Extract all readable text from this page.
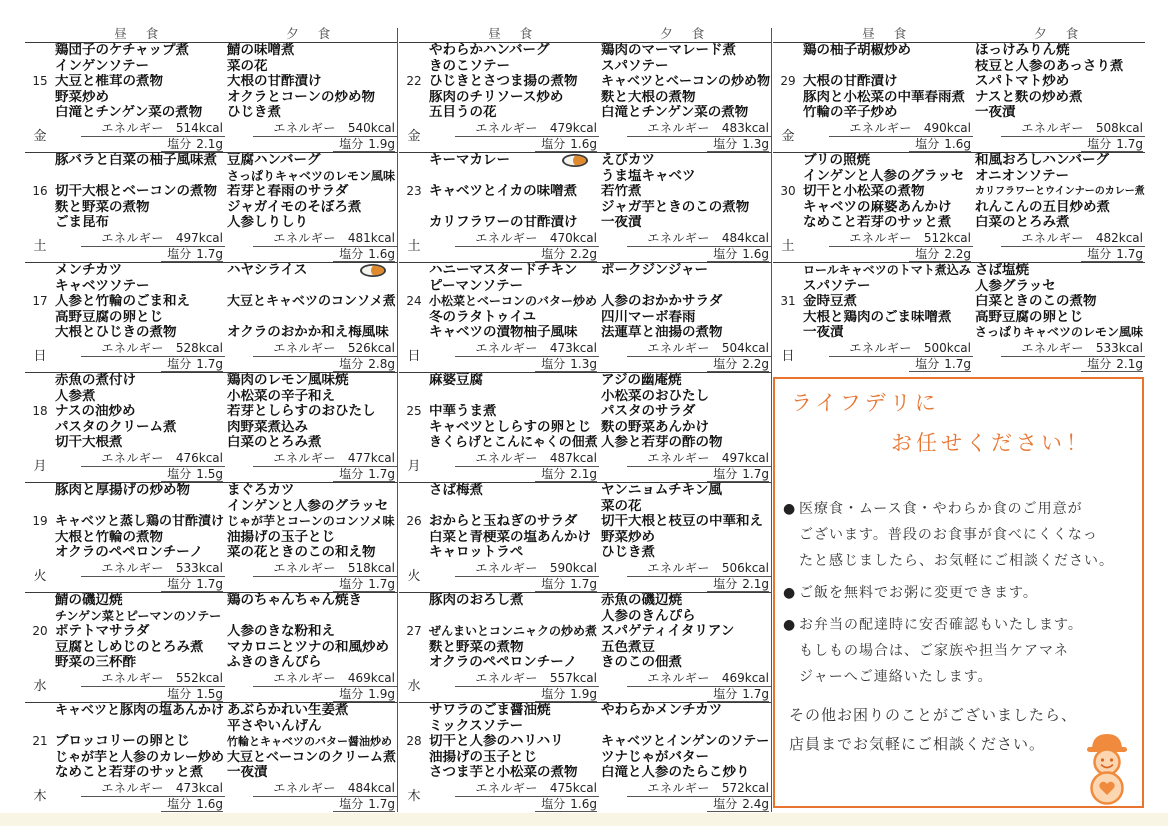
昼 食	夕 食
15
金
鶏団子のケチャップ煮
インゲンソテー
大豆と椎茸の煮物
野菜炒め
白滝とチンゲン菜の煮物
エネルギー 514kcal
塩分 2.1g
鯖の味噌煮
菜の花
大根の甘酢漬け
オクラとコーンの炒め物
ひじき煮
エネルギー 540kcal
塩分 1.9g
16
土
豚バラと白菜の柚子風味煮
切干大根とベーコンの煮物
麩と野菜の煮物
ごま昆布
エネルギー 497kcal
塩分 1.7g
豆腐ハンバーグ
さっぱりキャベツのレモン風味
若芽と春雨のサラダ
ジャガイモのそぼろ煮
人参しりしり
エネルギー 481kcal
塩分 1.6g
17
日
メンチカツ
キャベツソテー
人参と竹輪のごま和え
高野豆腐の卵とじ
大根とひじきの煮物
エネルギー 528kcal
塩分 1.7g
ハヤシライス
大豆とキャベツのコンソメ煮
オクラのおかか和え梅風味
エネルギー 526kcal
塩分 2.8g
18
月
赤魚の煮付け
人参煮
ナスの油炒め
パスタのクリーム煮
切干大根煮
エネルギー 476kcal
塩分 1.5g
鶏肉のレモン風味焼
小松菜の辛子和え
若芽としらすのおひたし
肉野菜煮込み
白菜のとろみ煮
エネルギー 477kcal
塩分 1.7g
19
火
豚肉と厚揚げの炒め物
キャベツと蒸し鶏の甘酢漬け
大根と竹輪の煮物
オクラのペペロンチーノ
エネルギー 533kcal
塩分 1.7g
まぐろカツ
インゲンと人参のグラッセ
じゃが芋とコーンのコンソメ味
油揚げの玉子とじ
菜の花ときのこの和え物
エネルギー 518kcal
塩分 1.7g
20
水
鯖の磯辺焼
チンゲン菜とピーマンのソテー
ポテトマサラダ
豆腐としめじのとろみ煮
野菜の三杯酢
エネルギー 552kcal
塩分 1.5g
鶏のちゃんちゃん焼き
人参のきな粉和え
マカロニとツナの和風炒め
ふきのきんぴら
エネルギー 469kcal
塩分 1.9g
21
木
キャベツと豚肉の塩あんかけ
ブロッコリーの卵とじ
じゃが芋と人参のカレー炒め
なめこと若芽のサッと煮
エネルギー 473kcal
塩分 1.6g
あぶらかれい生姜煮
平さやいんげん
竹輪とキャベツのバター醤油炒め
大豆とベーコンのクリーム煮
一夜漬
エネルギー 484kcal
塩分 1.7g
昼 食	夕 食
22
金
やわらかハンバーグ
きのこソテー
ひじきとさつま揚の煮物
豚肉のチリソース炒め
五目うの花
エネルギー 479kcal
塩分 1.6g
鶏肉のマーマレード煮
スパソテー
キャベツとベーコンの炒め物
麩と大根の煮物
白滝とチンゲン菜の煮物
エネルギー 483kcal
塩分 1.3g
23
土
キーマカレー
キャベツとイカの味噌煮
カリフラワーの甘酢漬け
エネルギー 470kcal
塩分 2.2g
えびカツ
うま塩キャベツ
若竹煮
ジャガ芋ときのこの煮物
一夜漬
エネルギー 484kcal
塩分 1.6g
24
日
ハニーマスタードチキン
ピーマンソテー
小松菜とベーコンのバター炒め
冬のラタトゥイユ
キャベツの漬物柚子風味
エネルギー 473kcal
塩分 1.3g
ポークジンジャー
人参のおかかサラダ
四川マーボ春雨
法蓮草と油揚の煮物
エネルギー 504kcal
塩分 2.2g
25
月
麻婆豆腐
中華うま煮
キャベツとしらすの卵とじ
きくらげとこんにゃくの佃煮
エネルギー 487kcal
塩分 2.1g
アジの幽庵焼
小松菜のおひたし
パスタのサラダ
麩の野菜あんかけ
人参と若芽の酢の物
エネルギー 497kcal
塩分 1.7g
26
火
さば梅煮
おからと玉ねぎのサラダ
白菜と青梗菜の塩あんかけ
キャロットラペ
エネルギー 590kcal
塩分 1.7g
ヤンニョムチキン風
菜の花
切干大根と枝豆の中華和え
野菜炒め
ひじき煮
エネルギー 506kcal
塩分 2.1g
27
水
豚肉のおろし煮
ぜんまいとコンニャクの炒め煮
麩と野菜の煮物
オクラのペペロンチーノ
エネルギー 557kcal
塩分 1.9g
赤魚の磯辺焼
人参のきんぴら
スパゲティイタリアン
五色煮豆
きのこの佃煮
エネルギー 469kcal
塩分 1.7g
28
木
サワラのごま醤油焼
ミックスソテー
切干と人参のハリハリ
油揚げの玉子とじ
さつま芋と小松菜の煮物
エネルギー 475kcal
塩分 1.6g
やわらかメンチカツ
キャベツとインゲンのソテー
ツナじゃがバター
白滝と人参のたらこ炒り
エネルギー 572kcal
塩分 2.4g
昼 食	夕 食
29
金
鶏の柚子胡椒炒め
大根の甘酢漬け
豚肉と小松菜の中華春雨煮
竹輪の辛子炒め
エネルギー 490kcal
塩分 1.6g
ほっけみりん焼
枝豆と人参のあっさり煮
スパトマト炒め
ナスと麩の炒め煮
一夜漬
エネルギー 508kcal
塩分 1.7g
30
土
ブリの照焼
インゲンと人参のグラッセ
切干と小松菜の煮物
キャベツの麻婆あんかけ
なめこと若芽のサッと煮
エネルギー 512kcal
塩分 2.2g
和風おろしハンバーグ
オニオンソテー
カリフラワーとウインナーのカレー煮
れんこんの五目炒め煮
白菜のとろみ煮
エネルギー 482kcal
塩分 1.7g
31
日
ロールキャベツのトマト煮込み
スパソテー
金時豆煮
大根と鶏肉のごま味噌煮
一夜漬
エネルギー 500kcal
塩分 1.7g
さば塩焼
人参グラッセ
白菜ときのこの煮物
高野豆腐の卵とじ
さっぱりキャベツのレモン風味
エネルギー 533kcal
塩分 2.1g
ライフデリに
お任せください！
● 医療食・ムース食・やわらか食のご用意が
ございます。普段のお食事が食べにくくなっ
たと感じましたら、お気軽にご相談ください。
● ご飯を無料でお粥に変更できます。
● お弁当の配達時に安否確認もいたします。
もしもの場合は、ご家族や担当ケアマネ
ジャーへご連絡いたします。
その他お困りのことがございましたら、
店員までお気軽にご相談ください。
